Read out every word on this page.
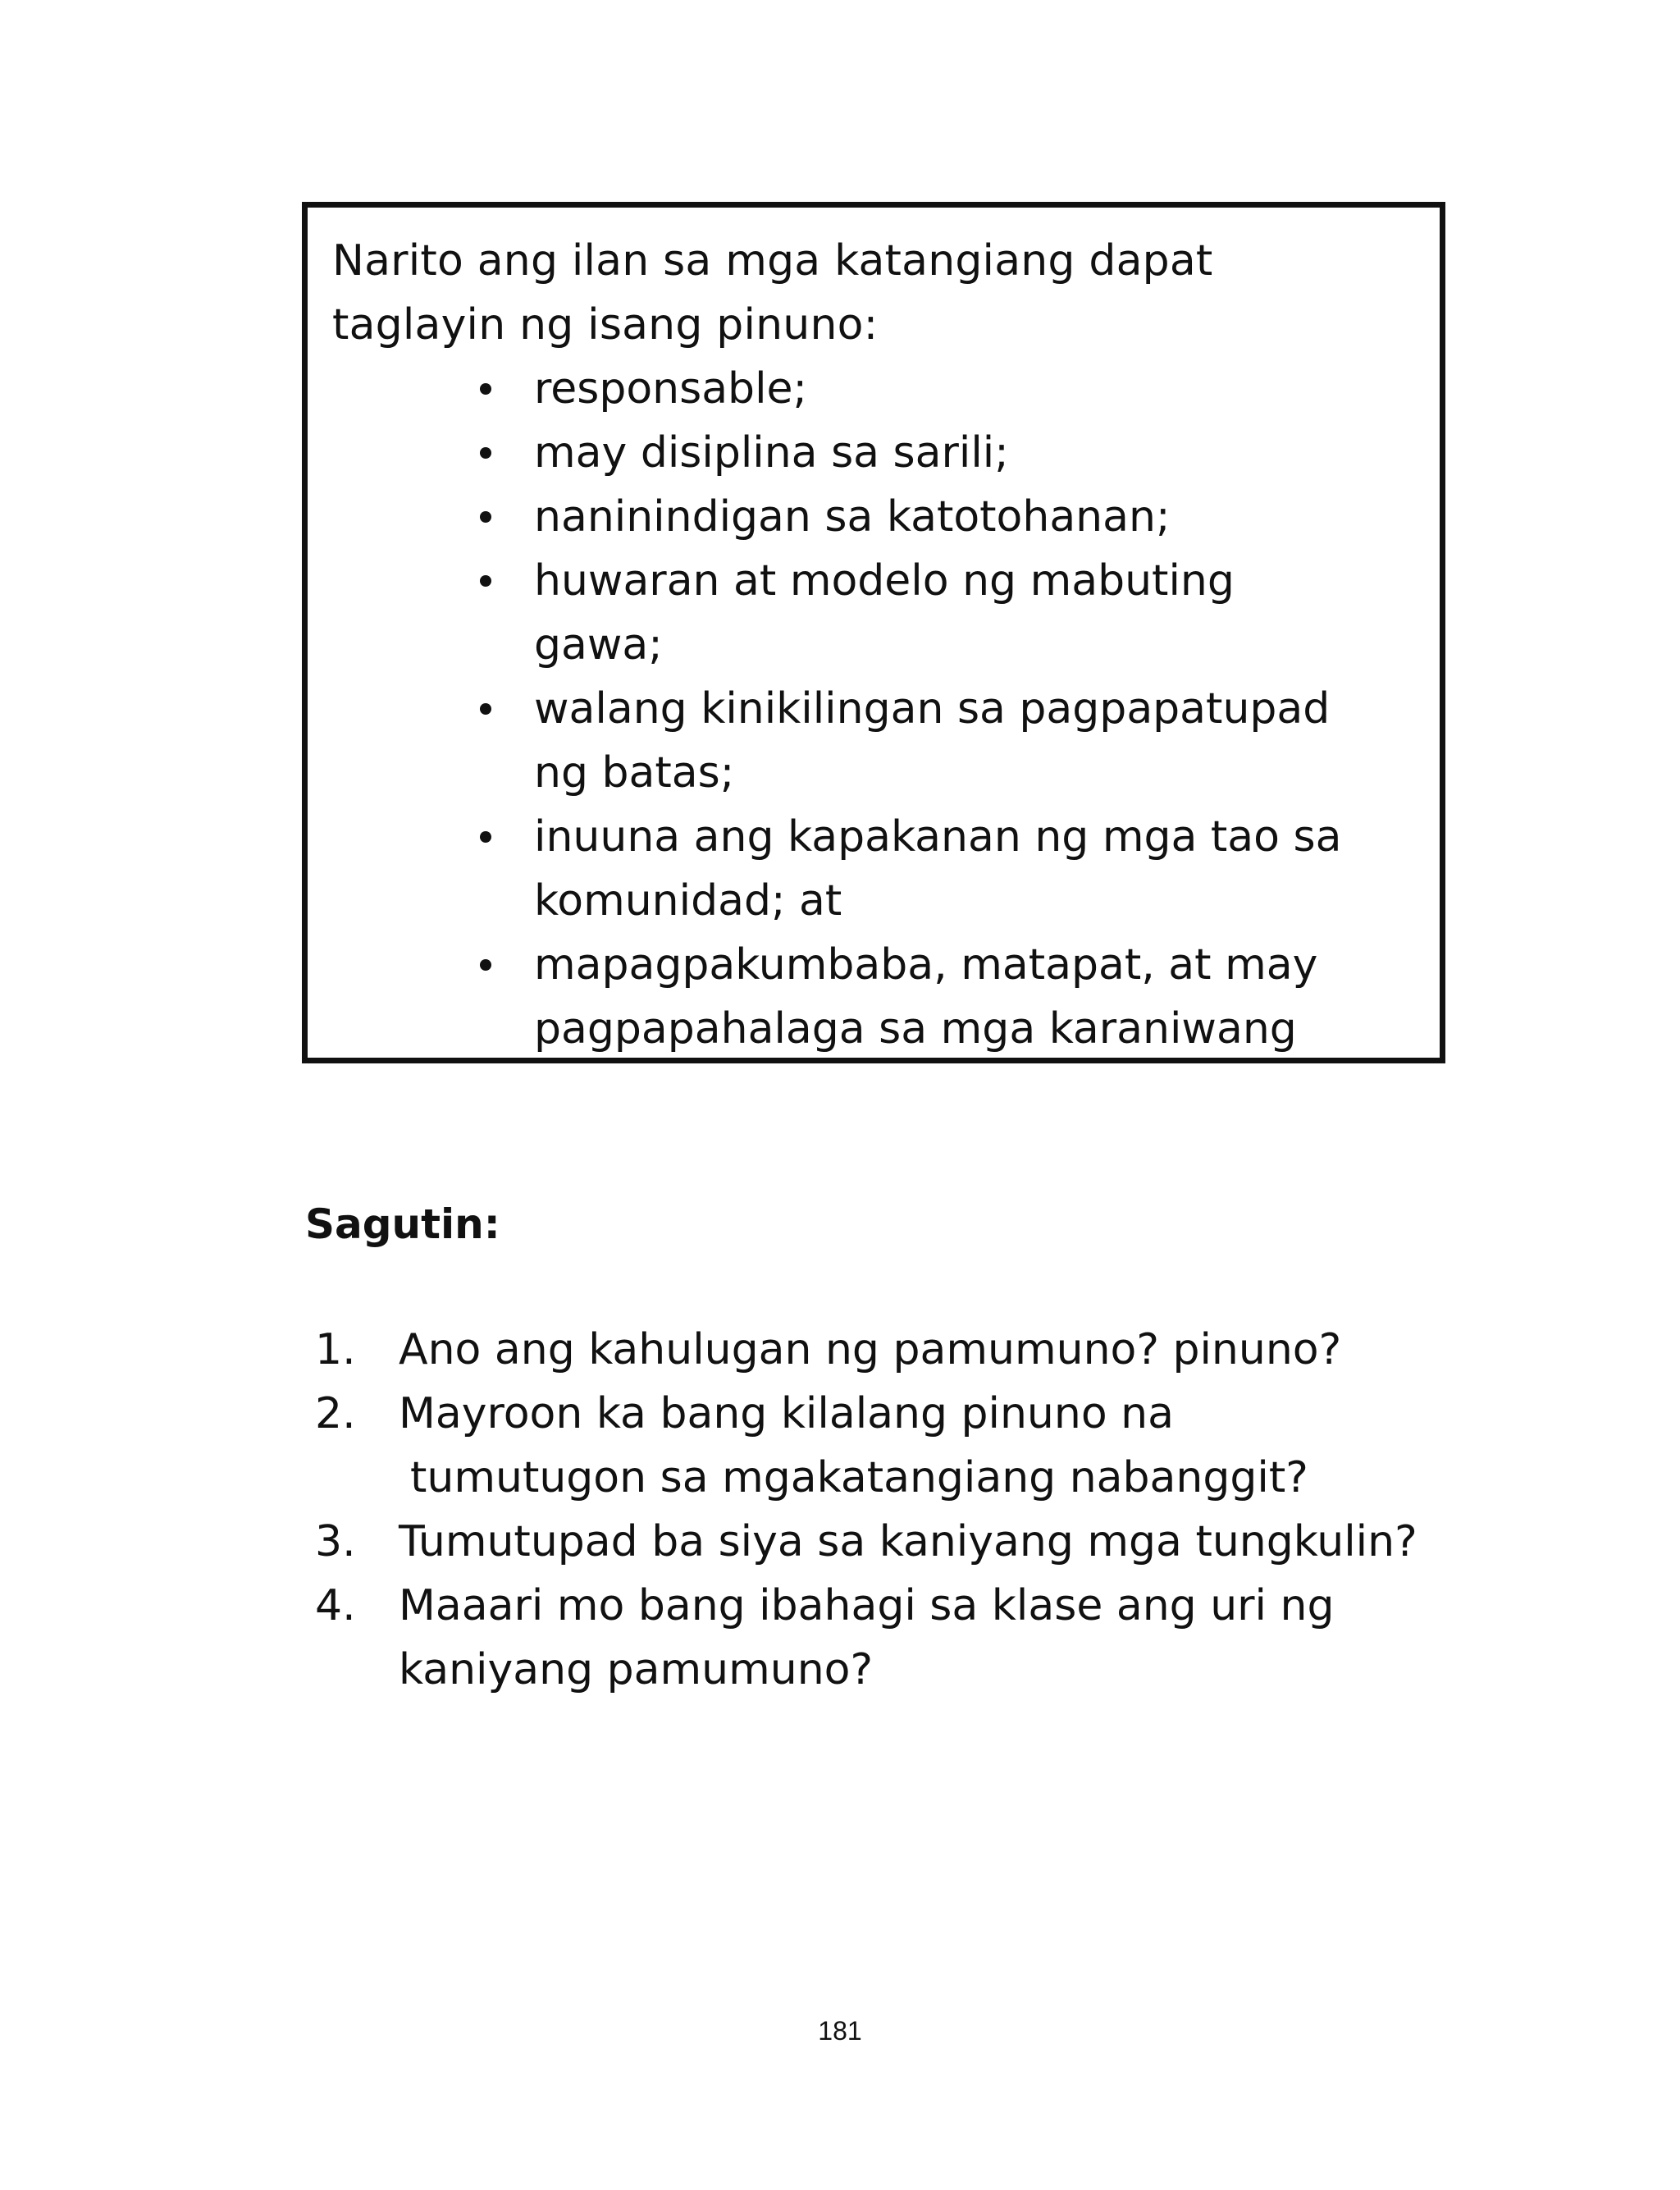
Narito ang ilan sa mga katangiang dapat
taglayin ng isang pinuno:

responsable;
may disiplina sa sarili;
naninindigan sa katotohanan;
huwaran at modelo ng mabuting
gawa;
walang kinikilingan sa pagpapatupad
ng batas;
inuuna ang kapakanan ng mga tao sa
komunidad; at
mapagpakumbaba, matapat, at may
pagpapahalaga sa mga karaniwang
Sagutin:
1. Ano ang kahulugan ng pamumuno? pinuno?
2. Mayroon ka bang kilalang pinuno na
tumutugon sa mgakatangiang nabanggit?
3. Tumutupad ba siya sa kaniyang mga tungkulin?
4. Maaari mo bang ibahagi sa klase ang uri ng
kaniyang pamumuno?
181
